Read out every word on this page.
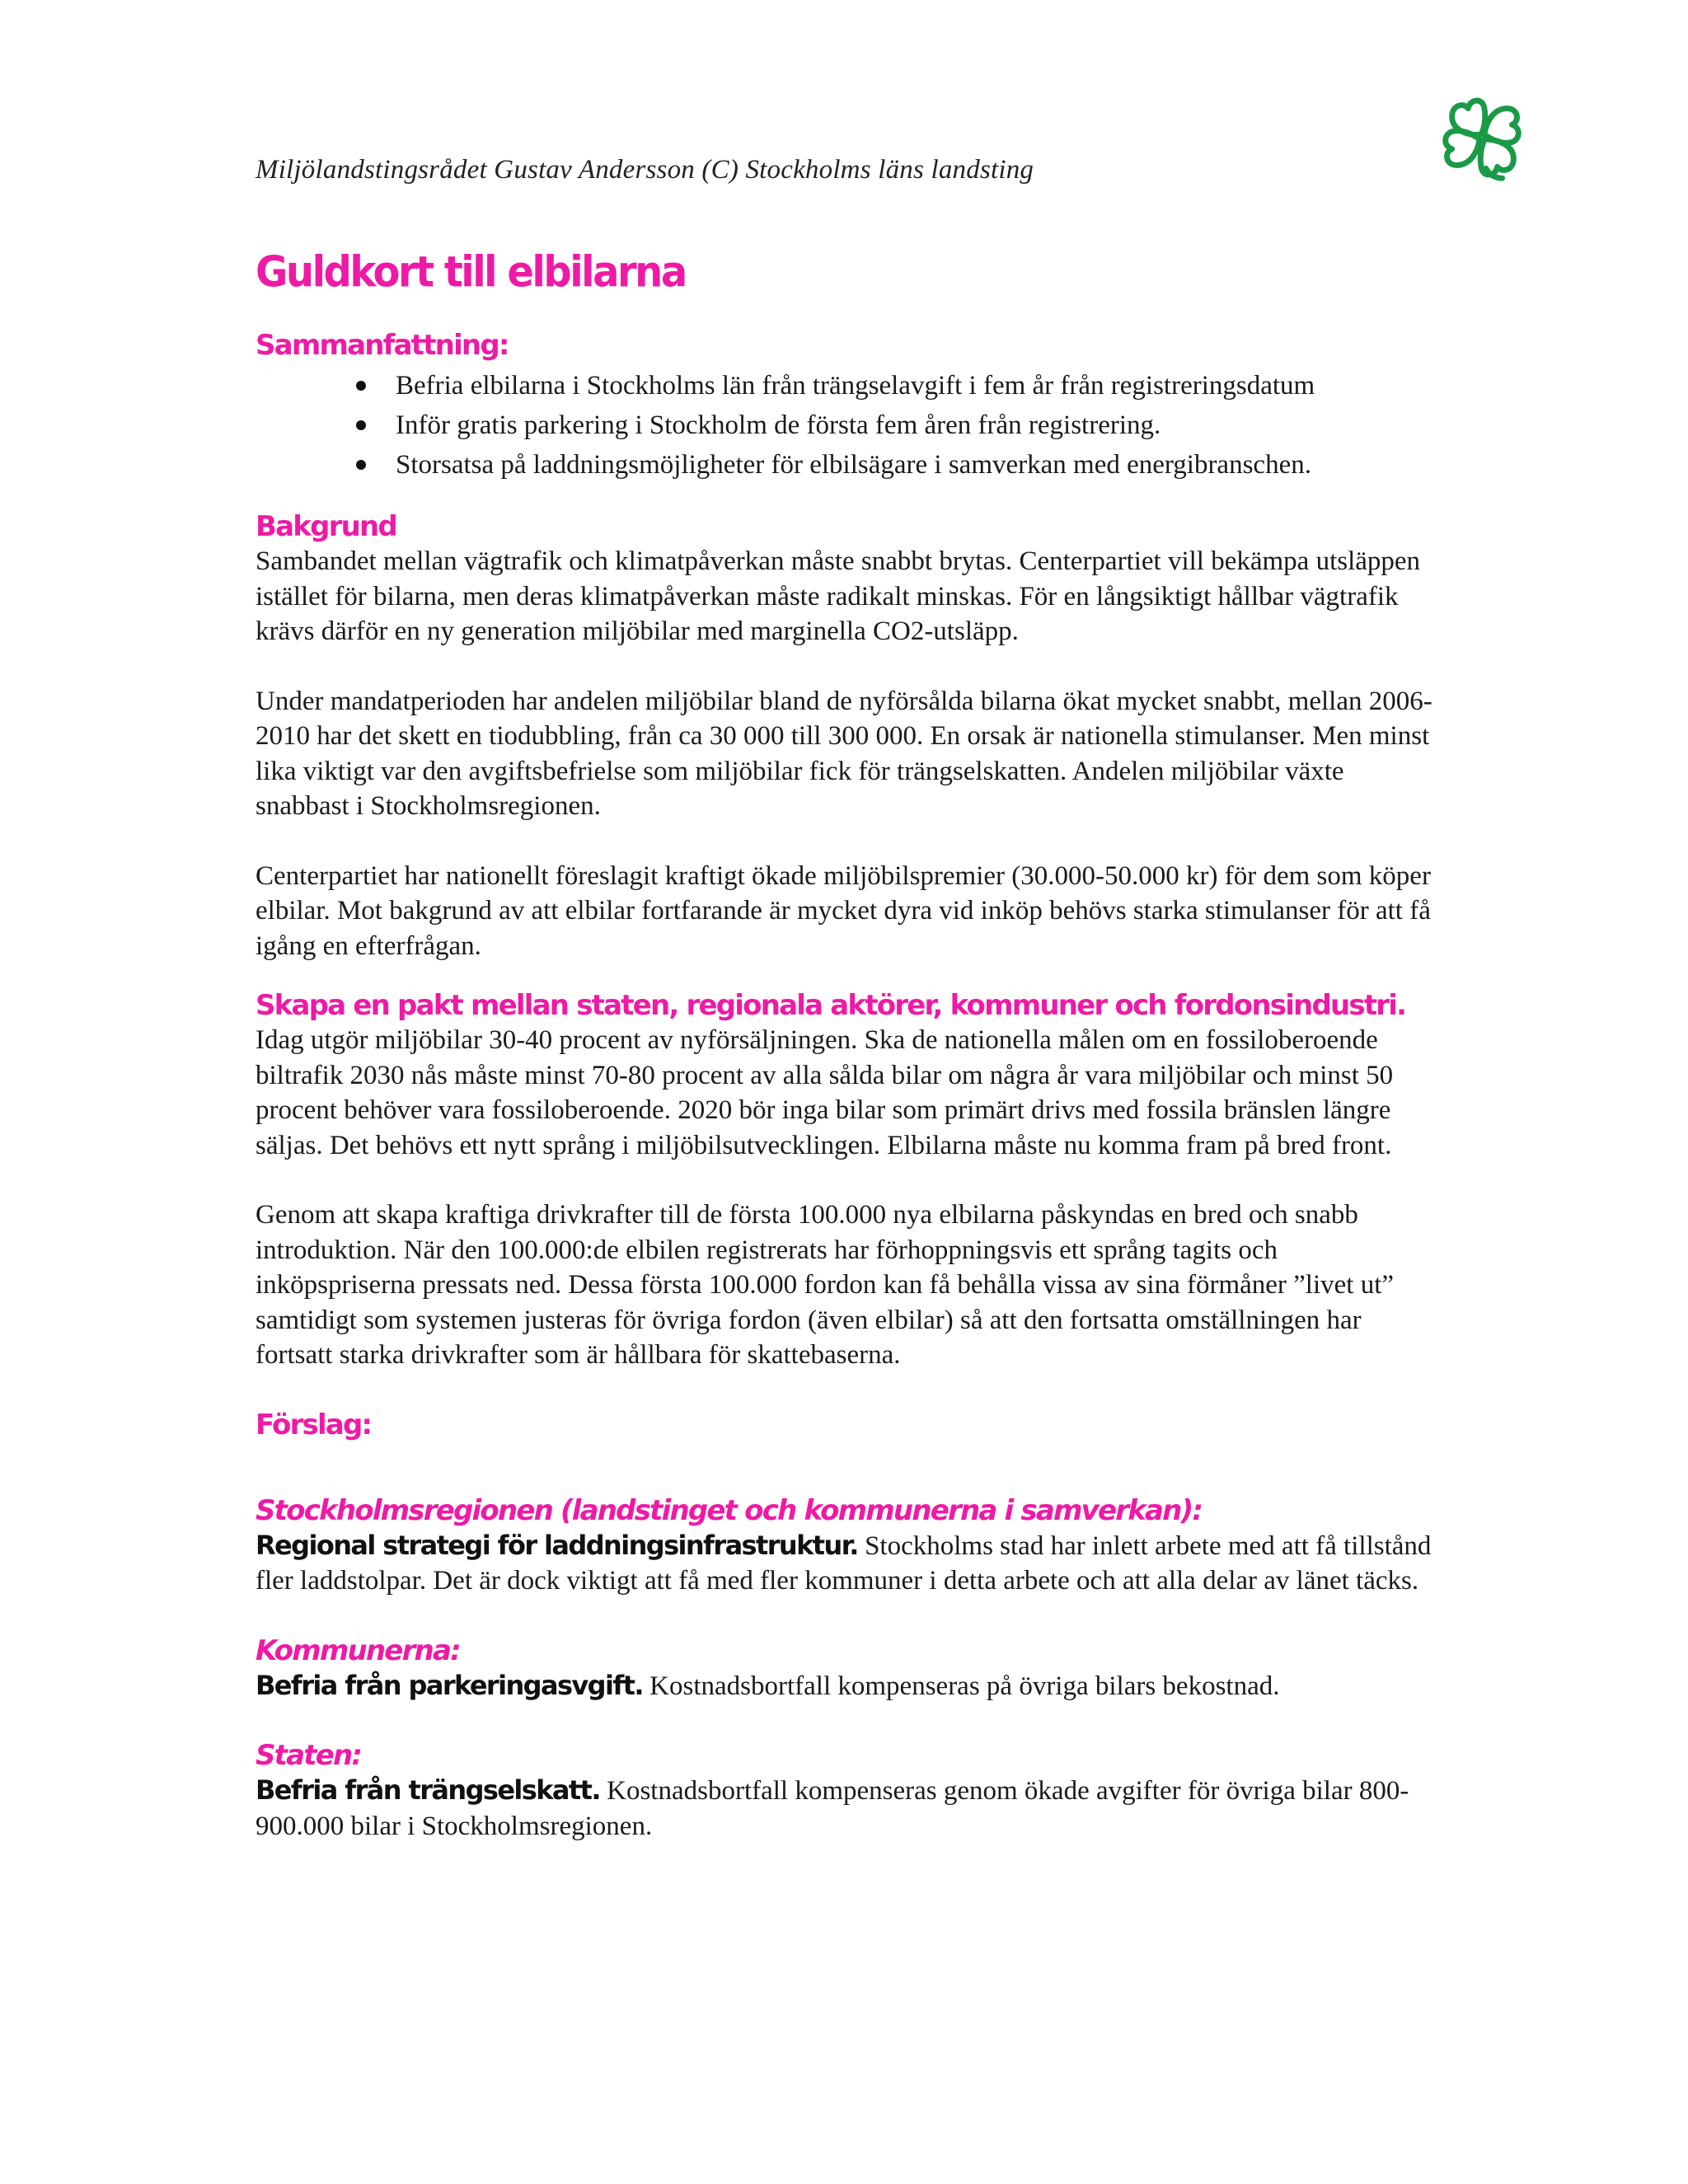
Miljölandstingsrådet Gustav Andersson (C) Stockholms läns landsting
Guldkort till elbilarna
Sammanfattning:
Befria elbilarna i Stockholms län från trängselavgift i fem år från registreringsdatum
Inför gratis parkering i Stockholm de första fem åren från registrering.
Storsatsa på laddningsmöjligheter för elbilsägare i samverkan med energibranschen.
Bakgrund

Sambandet mellan vägtrafik och klimatpåverkan måste snabbt brytas. Centerpartiet vill bekämpa utsläppen istället för bilarna, men deras klimatpåverkan måste radikalt minskas. För en långsiktigt hållbar vägtrafik krävs därför en ny generation miljöbilar med marginella CO2-utsläpp.

Under mandatperioden har andelen miljöbilar bland de nyförsålda bilarna ökat mycket snabbt, mellan 2006-2010 har det skett en tiodubbling, från ca 30 000 till 300 000. En orsak är nationella stimulanser. Men minst lika viktigt var den avgiftsbefrielse som miljöbilar fick för trängselskatten. Andelen miljöbilar växte snabbast i Stockholmsregionen.

Centerpartiet har nationellt föreslagit kraftigt ökade miljöbilspremier (30.000-50.000 kr) för dem som köper elbilar. Mot bakgrund av att elbilar fortfarande är mycket dyra vid inköp behövs starka stimulanser för att få igång en efterfrågan.

Skapa en pakt mellan staten, regionala aktörer, kommuner och fordonsindustri.

Idag utgör miljöbilar 30-40 procent av nyförsäljningen. Ska de nationella målen om en fossiloberoende biltrafik 2030 nås måste minst 70-80 procent av alla sålda bilar om några år vara miljöbilar och minst 50 procent behöver vara fossiloberoende. 2020 bör inga bilar som primärt drivs med fossila bränslen längre säljas. Det behövs ett nytt språng i miljöbilsutvecklingen. Elbilarna måste nu komma fram på bred front.

Genom att skapa kraftiga drivkrafter till de första 100.000 nya elbilarna påskyndas en bred och snabb introduktion. När den 100.000:de elbilen registrerats har förhoppningsvis ett språng tagits och inköpspriserna pressats ned. Dessa första 100.000 fordon kan få behålla vissa av sina förmåner ”livet ut” samtidigt som systemen justeras för övriga fordon (även elbilar) så att den fortsatta omställningen har fortsatt starka drivkrafter som är hållbara för skattebaserna.

Förslag:
Stockholmsregionen (landstinget och kommunerna i samverkan):

Regional strategi för laddningsinfrastruktur. Stockholms stad har inlett arbete med att få tillstånd fler laddstolpar. Det är dock viktigt att få med fler kommuner i detta arbete och att alla delar av länet täcks.

Kommunerna:

Befria från parkeringasvgift. Kostnadsbortfall kompenseras på övriga bilars bekostnad.

Staten:

Befria från trängselskatt. Kostnadsbortfall kompenseras genom ökade avgifter för övriga bilar 800-900.000 bilar i Stockholmsregionen.
